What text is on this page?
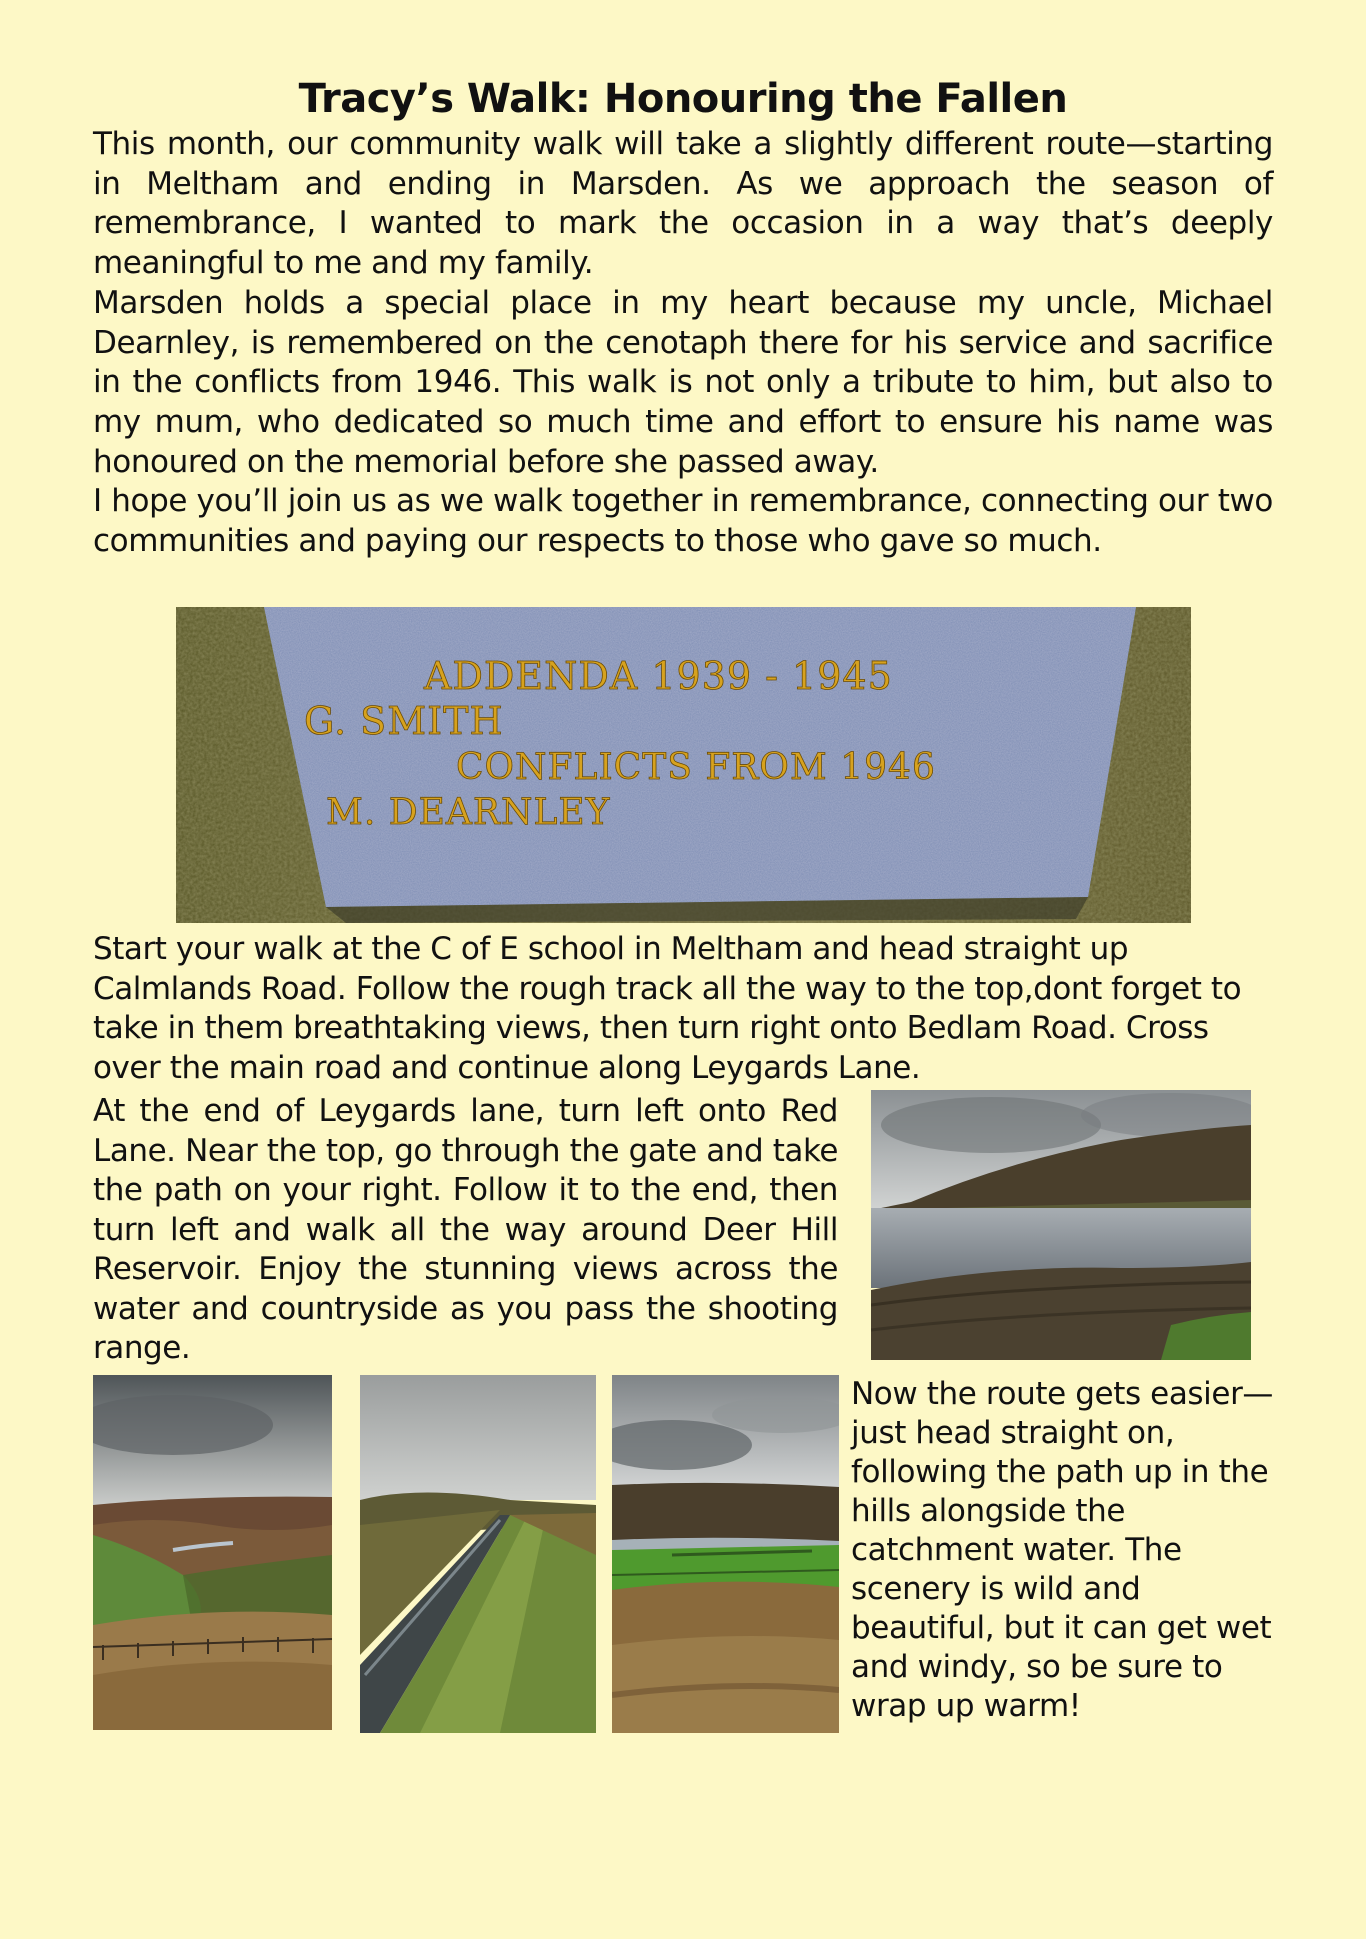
Tracy’s Walk: Honouring the Fallen

This month, our community walk will take a slightly different route—starting in Meltham and ending in Marsden. As we approach the season of remembrance, I wanted to mark the occasion in a way that’s deeply meaningful to me and my family.

Marsden holds a special place in my heart because my uncle, Michael Dearnley, is remembered on the cenotaph there for his service and sacrifice in the conflicts from 1946. This walk is not only a tribute to him, but also to my mum, who dedicated so much time and effort to ensure his name was honoured on the memorial before she passed away.

I hope you’ll join us as we walk together in remembrance, connecting our two communities and paying our respects to those who gave so much.

ADDENDA 1939 - 1945
G. SMITH
CONFLICTS FROM 1946
M. DEARNLEY

Start your walk at the C of E school in Meltham and head straight up Calmlands Road. Follow the rough track all the way to the top,dont forget to take in them breathtaking views, then turn right onto Bedlam Road. Cross over the main road and continue along Leygards Lane.

At the end of Leygards lane, turn left onto Red Lane. Near the top, go through the gate and take the path on your right. Follow it to the end, then turn left and walk all the way around Deer Hill Reservoir. Enjoy the stunning views across the water and countryside as you pass the shooting range.

Now the route gets easier—just head straight on, following the path up in the hills alongside the catchment water. The scenery is wild and beautiful, but it can get wet and windy, so be sure to wrap up warm!
